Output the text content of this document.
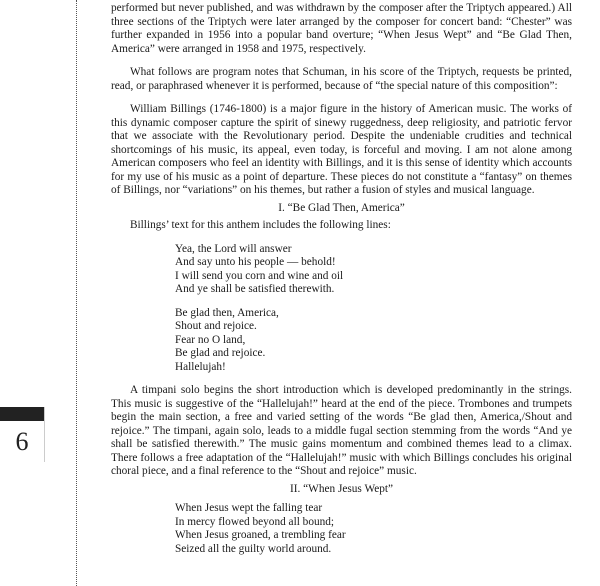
6

performed but never published, and was withdrawn by the composer after the Triptych appeared.) All three sections of the Triptych were later arranged by the composer for concert band: “Chester” was further expanded in 1956 into a popular band overture; “When Jesus Wept” and “Be Glad Then, America” were arranged in 1958 and 1975, respectively.

What follows are program notes that Schuman, in his score of the Triptych, requests be printed, read, or paraphrased whenever it is performed, because of “the special nature of this composition”:

William Billings (1746-1800) is a major figure in the history of American music. The works of this dynamic composer capture the spirit of sinewy ruggedness, deep religiosity, and patriotic fervor that we associate with the Revolutionary period. Despite the undeniable crudities and technical shortcomings of his music, its appeal, even today, is forceful and moving. I am not alone among American composers who feel an identity with Billings, and it is this sense of identity which accounts for my use of his music as a point of departure. These pieces do not constitute a “fantasy” on themes of Billings, nor “variations” on his themes, but rather a fusion of styles and musical language.

I. “Be Glad Then, America”

Billings’ text for this anthem includes the following lines:

Yea, the Lord will answer
And say unto his people — behold!
I will send you corn and wine and oil
And ye shall be satisfied therewith.
Be glad then, America,
Shout and rejoice.
Fear no O land,
Be glad and rejoice.
Hallelujah!

A timpani solo begins the short introduction which is developed predominantly in the strings. This music is suggestive of the “Hallelujah!” heard at the end of the piece. Trombones and trumpets begin the main section, a free and varied setting of the words “Be glad then, America,/Shout and rejoice.” The timpani, again solo, leads to a middle fugal section stemming from the words “And ye shall be satisfied therewith.” The music gains momentum and combined themes lead to a climax. There follows a free adaptation of the “Hallelujah!” music with which Billings concludes his original choral piece, and a final reference to the “Shout and rejoice” music.

II. “When Jesus Wept”

When Jesus wept the falling tear
In mercy flowed beyond all bound;
When Jesus groaned, a trembling fear
Seized all the guilty world around.
